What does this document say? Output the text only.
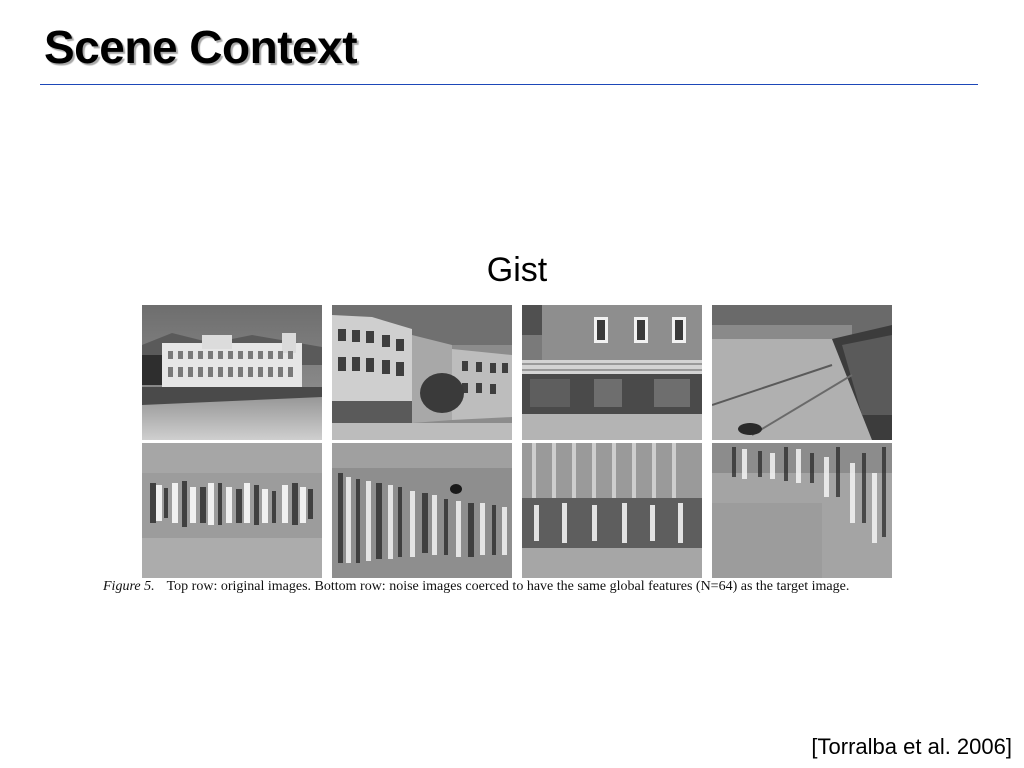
Scene Context
Gist
Figure 5. Top row: original images. Bottom row: noise images coerced to have the same global features (N=64) as the target image.
[Torralba et al. 2006]
